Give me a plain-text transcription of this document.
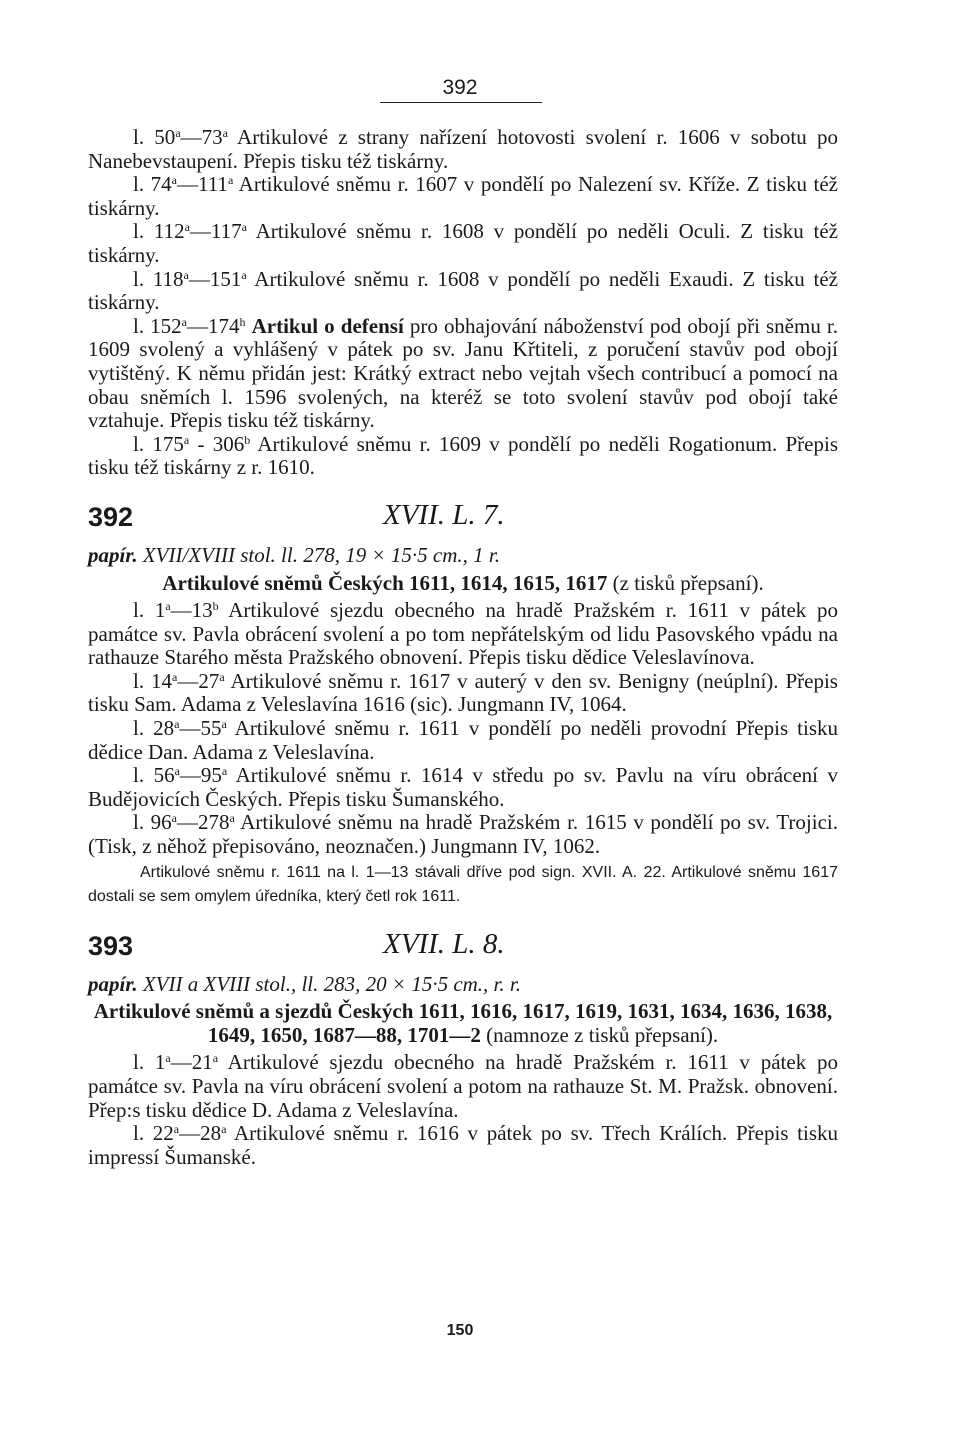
392

l. 50$^a$—73$^a$ Artikulové z strany nařízení hotovosti svolení r. 1606 v sobotu po Nanebevstaupení. Přepis tisku též tiskárny.

l. 74$^a$—111$^a$ Artikulové sněmu r. 1607 v pondělí po Nalezení sv. Kříže. Z tisku též tiskárny.

l. 112$^a$—117$^a$ Artikulové sněmu r. 1608 v pondělí po neděli Oculi. Z tisku též tiskárny.

l. 118$^a$—151$^a$ Artikulové sněmu r. 1608 v pondělí po neděli Exaudi. Z tisku též tiskárny.

l. 152$^a$—174$^h$ Artikul o defensí pro obhajování náboženství pod obojí při sněmu r. 1609 svolený a vyhlášený v pátek po sv. Janu Křtiteli, z poručení stavův pod obojí vytištěný. K němu přidán jest: Krátký extract nebo vejtah všech contribucí a pomocí na obau sněmích l. 1596 svolených, na kteréž se toto svolení stavův pod obojí také vztahuje. Přepis tisku též tiskárny.

l. 175$^a$ - 306$^b$ Artikulové sněmu r. 1609 v pondělí po neděli Rogationum. Přepis tisku též tiskárny z r. 1610.

392	XVII. L. 7.

papír. XVII/XVIII stol. ll. 278, 19 × 15·5 cm., 1 r.

Artikulové sněmů Českých 1611, 1614, 1615, 1617 (z tisků přepsaní).

l. 1$^a$—13$^b$ Artikulové sjezdu obecného na hradě Pražském r. 1611 v pátek po památce sv. Pavla obrácení svolení a po tom nepřátelským od lidu Pasovského vpádu na rathauze Starého města Pražského obnovení. Přepis tisku dědice Veleslavínova.

l. 14$^a$—27$^a$ Artikulové sněmu r. 1617 v auterý v den sv. Benigny (neúplní). Přepis tisku Sam. Adama z Veleslavína 1616 (sic). Jungmann IV, 1064.

l. 28$^a$—55$^a$ Artikulové sněmu r. 1611 v pondělí po neděli provodní Přepis tisku dědice Dan. Adama z Veleslavína.

l. 56$^a$—95$^a$ Artikulové sněmu r. 1614 v středu po sv. Pavlu na víru obrácení v Budějovicích Českých. Přepis tisku Šumanského.

l. 96$^a$—278$^a$ Artikulové sněmu na hradě Pražském r. 1615 v pondělí po sv. Trojici. (Tisk, z něhož přepisováno, neoznačen.) Jungmann IV, 1062.

Artikulové sněmu r. 1611 na l. 1—13 stávali dříve pod sign. XVII. A. 22. Artikulové sněmu 1617 dostali se sem omylem úředníka, který četl rok 1611.

393	XVII. L. 8.

papír. XVII a XVIII stol., ll. 283, 20 × 15·5 cm., r. r.

Artikulové sněmů a sjezdů Českých 1611, 1616, 1617, 1619, 1631, 1634, 1636, 1638, 1649, 1650, 1687—88, 1701—2 (namnoze z tisků přepsaní).

l. 1$^a$—21$^a$ Artikulové sjezdu obecného na hradě Pražském r. 1611 v pátek po památce sv. Pavla na víru obrácení svolení a potom na rathauze St. M. Pražsk. obnovení. Přep:s tisku dědice D. Adama z Veleslavína.

l. 22$^a$—28$^a$ Artikulové sněmu r. 1616 v pátek po sv. Třech Králích. Přepis tisku impressí Šumanské.

150
